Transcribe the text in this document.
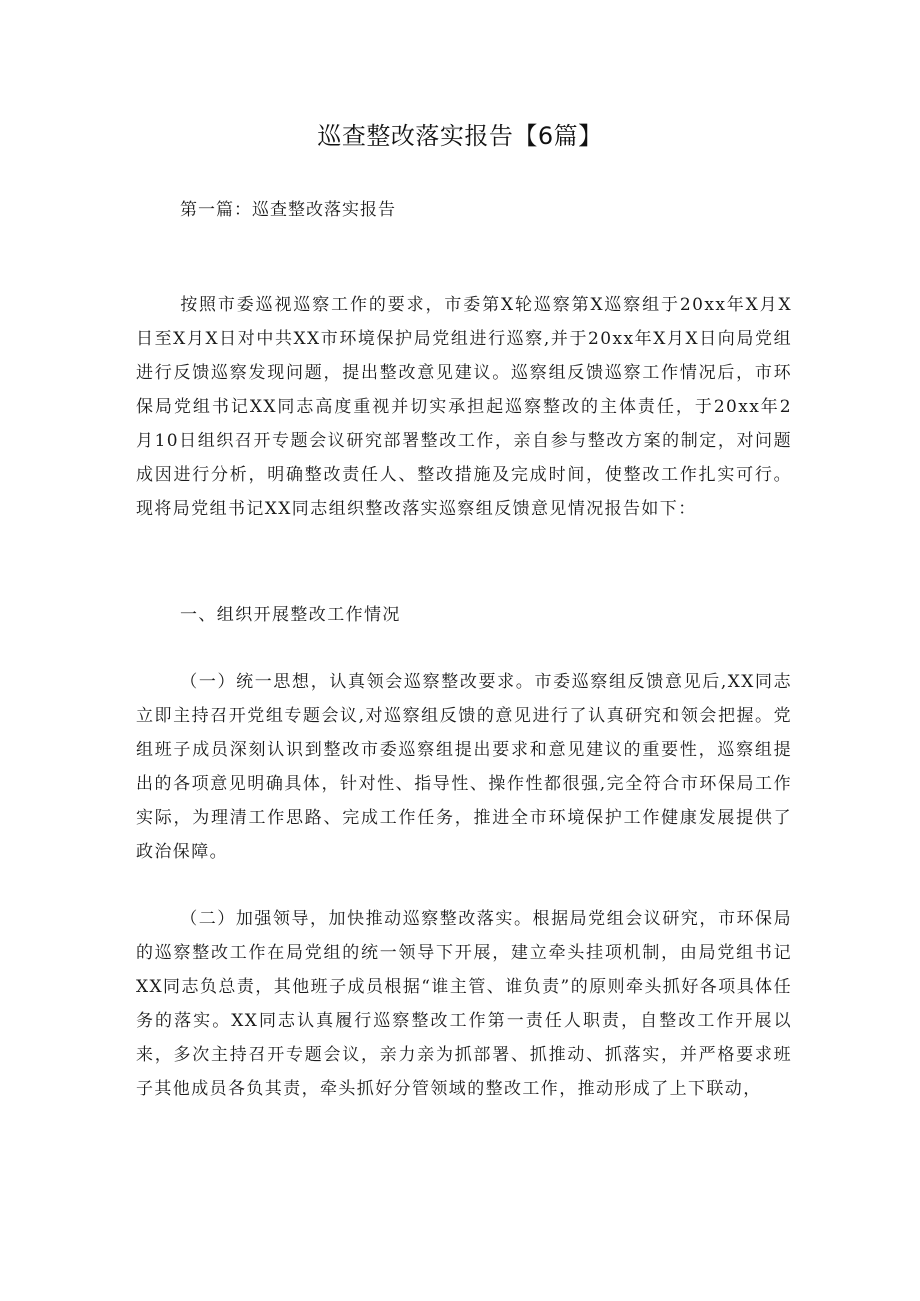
巡查整改落实报告【6篇】
第一篇：巡查整改落实报告

按照市委巡视巡察工作的要求，市委第X轮巡察第X巡察组于20xx年X月X日至X月X日对中共XX市环境保护局党组进行巡察,并于20xx年X月X日向局党组进行反馈巡察发现问题，提出整改意见建议。巡察组反馈巡察工作情况后，市环保局党组书记XX同志高度重视并切实承担起巡察整改的主体责任，于20xx年2月10日组织召开专题会议研究部署整改工作，亲自参与整改方案的制定，对问题成因进行分析，明确整改责任人、整改措施及完成时间，使整改工作扎实可行。现将局党组书记XX同志组织整改落实巡察组反馈意见情况报告如下：

一、组织开展整改工作情况

（一）统一思想，认真领会巡察整改要求。市委巡察组反馈意见后,XX同志立即主持召开党组专题会议,对巡察组反馈的意见进行了认真研究和领会把握。党组班子成员深刻认识到整改市委巡察组提出要求和意见建议的重要性，巡察组提出的各项意见明确具体，针对性、指导性、操作性都很强,完全符合市环保局工作实际，为理清工作思路、完成工作任务，推进全市环境保护工作健康发展提供了政治保障。

（二）加强领导，加快推动巡察整改落实。根据局党组会议研究，市环保局的巡察整改工作在局党组的统一领导下开展，建立牵头挂项机制，由局党组书记XX同志负总责，其他班子成员根据“谁主管、谁负责”的原则牵头抓好各项具体任务的落实。XX同志认真履行巡察整改工作第一责任人职责，自整改工作开展以来，多次主持召开专题会议，亲力亲为抓部署、抓推动、抓落实，并严格要求班子其他成员各负其责，牵头抓好分管领域的整改工作，推动形成了上下联动，
